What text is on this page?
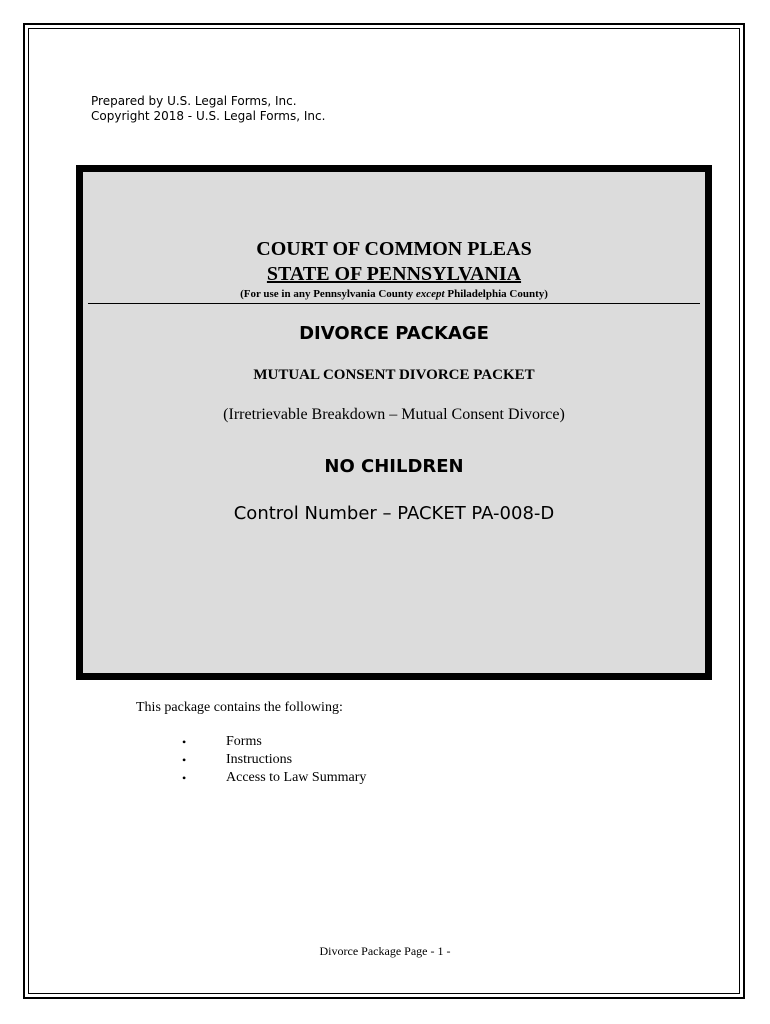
Prepared by U.S. Legal Forms, Inc.
Copyright 2018 - U.S. Legal Forms, Inc.
COURT OF COMMON PLEAS
STATE OF PENNSYLVANIA
(For use in any Pennsylvania County except Philadelphia County)
DIVORCE PACKAGE
MUTUAL CONSENT DIVORCE PACKET
(Irretrievable Breakdown – Mutual Consent Divorce)
NO CHILDREN
Control Number – PACKET PA-008-D
This package contains the following:
•	Forms
•	Instructions
•	Access to Law Summary
Divorce Package Page - 1 -
